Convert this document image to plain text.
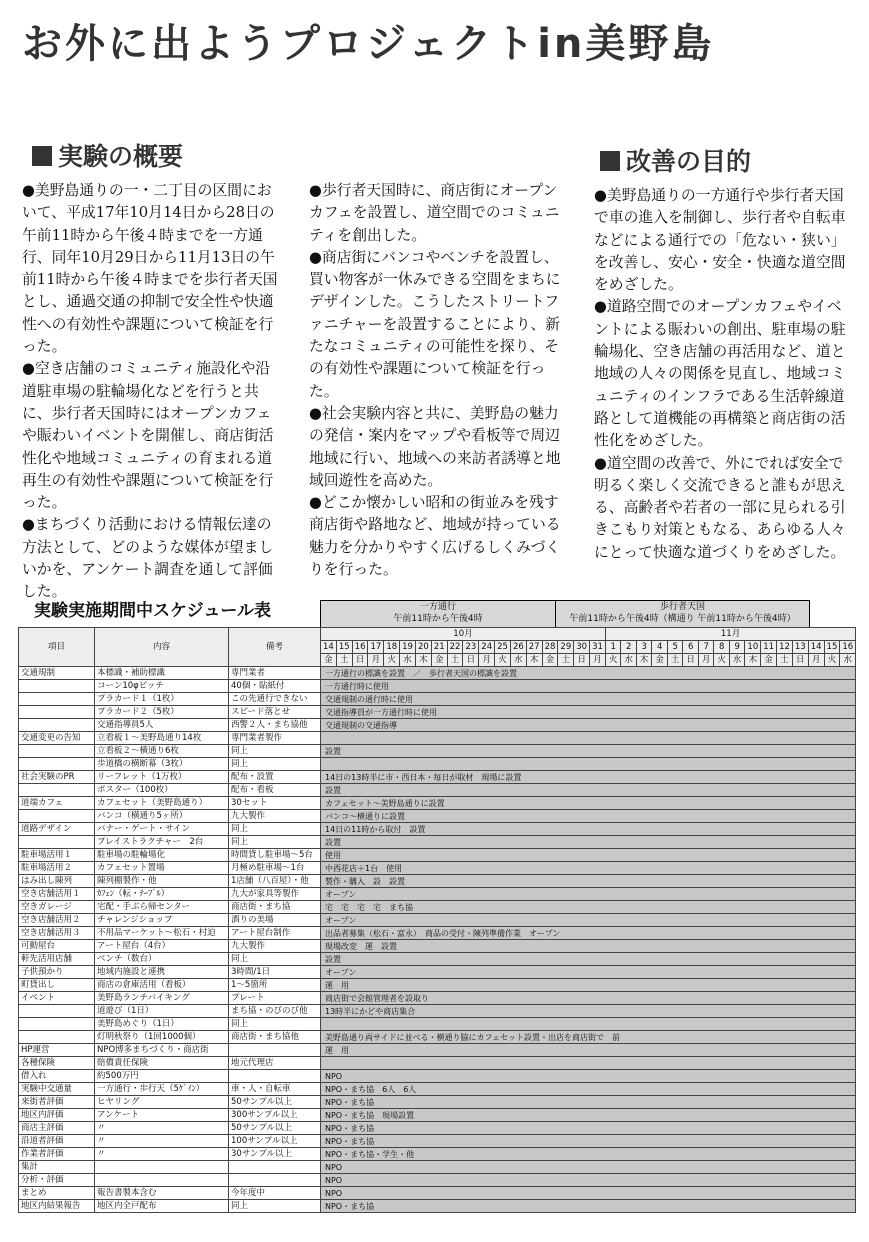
お外に出ようプロジェクトin美野島
実験の概要	改善の目的

●美野島通りの一・二丁目の区間において、平成17年10月14日から28日の午前11時から午後４時までを一方通行、同年10月29日から11月13日の午前11時から午後４時までを歩行者天国とし、通過交通の抑制で安全性や快適性への有効性や課題について検証を行った。

●空き店舗のコミュニティ施設化や沿道駐車場の駐輪場化などを行うと共に、歩行者天国時にはオープンカフェや賑わいイベントを開催し、商店街活性化や地域コミュニティの育まれる道再生の有効性や課題について検証を行った。

●まちづくり活動における情報伝達の方法として、どのような媒体が望ましいかを、アンケート調査を通して評価した。

●歩行者天国時に、商店街にオープンカフェを設置し、道空間でのコミュニティを創出した。

●商店街にバンコやベンチを設置し、買い物客が一休みできる空間をまちにデザインした。こうしたストリートファニチャーを設置することにより、新たなコミュニティの可能性を探り、その有効性や課題について検証を行った。

●社会実験内容と共に、美野島の魅力の発信・案内をマップや看板等で周辺地域に行い、地域への来訪者誘導と地域回遊性を高めた。

●どこか懐かしい昭和の街並みを残す商店街や路地など、地域が持っている魅力を分かりやすく広げるしくみづくりを行った。

●美野島通りの一方通行や歩行者天国で車の進入を制御し、歩行者や自転車などによる通行での「危ない・狭い」を改善し、安心・安全・快適な道空間をめざした。

●道路空間でのオープンカフェやイベントによる賑わいの創出、駐車場の駐輪場化、空き店舗の再活用など、道と地域の人々の関係を見直し、地域コミュニティのインフラである生活幹線道路として道機能の再構築と商店街の活性化をめざした。

●道空間の改善で、外にでれば安全で明るく楽しく交流できると誰もが思える、高齢者や若者の一部に見られる引きこもり対策ともなる、あらゆる人々にとって快適な道づくりをめざした。

実験実施期間中スケジュール表	一方通行
午前11時から午後4時
歩行者天国
午前11時から午後4時（構通り 午前11時から午後4時）
項目	内容	備考	10月																		11月															
			14	15	16	17	18	19	20	21	22	23	24	25	26	27	28	29	30	31	1	2	3	4	5	6	7	8	9	10	11	12	13	14	15	16
			金	土	日	月	火	水	木	金	土	日	月	火	水	木	金	土	日	月	火	水	木	金	土	日	月	火	水	木	金	土	日	月	火	水
交通規制	本標識・補助標識	専門業者	一方通行の標識を設置　／　歩行者天国の標識を設置																																	
	コーン10φピッチ	40個・貼紙付	一方通行時に使用																																	
	プラカード１（1枚）	この先通行できない	交通規制の通行時に使用																																	
	プラカード２（5枚）	スピード落とせ	交通指導員が一方通行時に使用																																	
	交通指導員5人	西警２人・まち協他	交通規制の交通指導																																	
交通変更の告知	立看板１～美野島通り14枚	専門業者製作																																		
	立看板２～横通り6枚	同上	設置																																	
	歩道橋の横断幕（3枚）	同上																																		
社会実験のPR	リーフレット（1万枚）	配布・設置	14日の13時半に市・西日本・毎日が取材　現場に設置																																	
	ポスター（100枚）	配布・看板	設置																																	
道端カフェ	カフェセット（美野島通り）	30セット	カフェセット～美野島通りに設置																																	
	バンコ（横通り5ヶ所）	九大製作	バンコ～横通りに設置																																	
道路デザイン	バナー・ゲート・サイン	同上	14日の11時から取付　設置																																	
	プレイストラクチャー　2台	同上	設置																																	
駐車場活用１	駐車場の駐輪場化	時間貸し駐車場～5台	使用																																	
駐車場活用２	カフェセット置場	月極め駐車場～1台	中西花店＋1台　使用																																	
はみ出し陳列	陳列棚製作・他	1店舗（八百屋）・他	製作・購入　設　設置																																	
空き店舗活用１	ｶﾌｪﾝ（転・ﾃｰﾌﾞﾙ）	九大が家具等製作	オープン																																	
空きガレージ	宅配・手ぶら帰センター	商店街・まち協	宅　宅　宅　宅　まち協																																	
空き店舗活用２	チャレンジショップ	酒りの美場	オープン																																	
空き店舗活用３	不用品マーケット～松石・村迫	アート屋台制作	出品者募集（松石・富永）　商品の受付・陳列準備作業　オープン																																	
可動屋台	アート屋台（4台）	九大製作	現場改変　運　設置																																	
軒先活用店舗	ベンチ（数台）	同上	設置																																	
子供預かり	地域内施設と連携	3時間/1日	オープン																																	
町貸出し	商店の倉庫活用（看板）	1～5箇所	運　用																																	
イベント	美野島ランチバイキング	プレート	商店街で会館管理者を設取り																																	
	道遊び（1日）	まち協・のびのび他	13時半にかどや商店集合																																	
	美野島めぐり（1日）	同上																																		
	灯明秋祭り（1回1000個）	商店街・まち協他	美野島通り両サイドに並べる・横通り脇にカフェセット設置・出店を商店街で　前																																	
HP運営	NPO博多まちづくり・商店街		運　用																																	
各種保険	賠償責任保険	地元代理店																																		
借入れ	約500万円		NPO																																	
実験中交通量	一方通行・歩行天（5ｹﾞｲﾝ）	車・人・自転車	NPO・まち協　6人　6人																																	
来街者評価	ヒヤリング	50サンプル以上	NPO・まち協																																	
地区内評価	アンケート	300サンプル以上	NPO・まち協　現場設置																																	
商店主評価	〃	50サンプル以上	NPO・まち協																																	
沿道者評価	〃	100サンプル以上	NPO・まち協																																	
作業者評価	〃	30サンプル以上	NPO・まち協・学生・他																																	
集計			NPO																																	
分析・評価			NPO																																	
まとめ	報告書製本含む	今年度中	NPO																																	
地区内結果報告	地区内全戸配布	同上	NPO・まち協																																	
